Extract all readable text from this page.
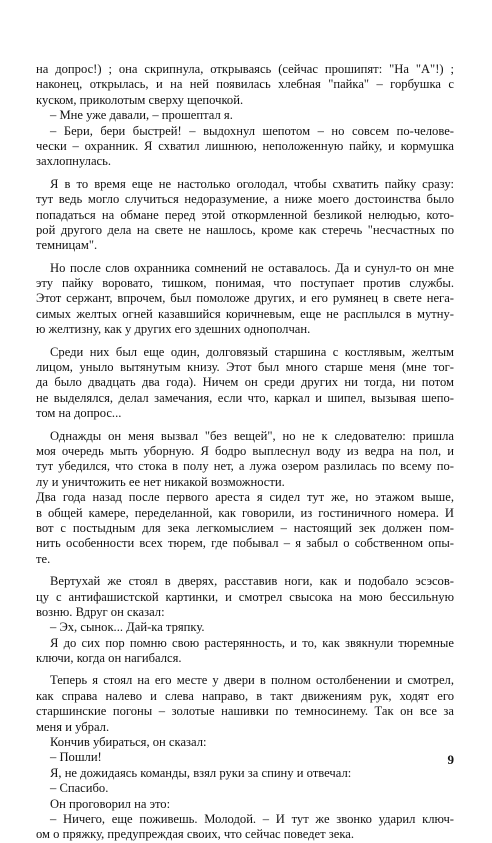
на допрос!) ; она скрипнула, открываясь (сейчас прошипят: "На "А"!) ;
наконец, открылась, и на ней появилась хлебная "пайка" – горбушка с
куском, приколотым сверху щепочкой.
– Мне уже давали, – прошептал я.
– Бери, бери быстрей! – выдохнул шепотом – но совсем по-челове-
чески – охранник. Я схватил лишнюю, неположенную пайку, и кормушка
захлопнулась.
Я в то время еще не настолько оголодал, чтобы схватить пайку сразу:
тут ведь могло случиться недоразумение, а ниже моего достоинства было
попадаться на обмане перед этой откормленной безликой нелюдью, кото-
рой другого дела на свете не нашлось, кроме как стеречь "несчастных по
темницам".
Но после слов охранника сомнений не оставалось. Да и сунул-то он мне
эту пайку вороватo, тишком, понимая, что поступает против службы.
Этот сержант, впрочем, был помоложе других, и его румянец в свете нега-
симых желтых огней казавшийся коричневым, еще не расплылся в мутну-
ю желтизну, как у других его здешних однополчан.
Среди них был еще один, долговязый старшина с костлявым, желтым
лицом, уныло вытянутым книзу. Этот был много старше меня (мне тог-
да было двадцать два года). Ничем он среди других ни тогда, ни потом
не выделялся, делал замечания, если что, каркал и шипел, вызывая шепо-
том на допрос...
Однажды он меня вызвал "без вещей", но не к следователю: пришла
моя очередь мыть уборную. Я бодро выплеснул воду из ведра на пол, и
тут убедился, что стока в полу нет, а лужа озером разлилась по всему по-
лу и уничтожить ее нет никакой возможности.
Два года назад после первого ареста я сидел тут же, но этажом выше,
в общей камере, переделанной, как говорили, из гостиничного номера. И
вот с постыдным для зека легкомыслием – настоящий зек должен пом-
нить особенности всех тюрем, где побывал – я забыл о собственном опы-
те.
Вертухай же стоял в дверях, расставив ноги, как и подобало эсэсов-
цу с антифашистской картинки, и смотрел свысока на мою бессильную
возню. Вдруг он сказал:
– Эх, сынок... Дай-ка тряпку.
Я до сих пор помню свою растерянность, и то, как звякнули тюремные
ключи, когда он нагибался.
Теперь я стоял на его месте у двери в полном остолбенении и смотрел,
как справа налево и слева направо, в такт движениям рук, ходят его
старшинские погоны – золотые нашивки по темносинему. Так он все за
меня и убрал.
Кончив убираться, он сказал:
– Пошли!
Я, не дожидаясь команды, взял руки за спину и отвечал:
– Спасибо.
Он проговорил на это:
– Ничего, еще поживешь. Молодой. – И тут же звонко ударил ключ-
ом о пряжку, предупреждая своих, что сейчас поведет зека.
9
